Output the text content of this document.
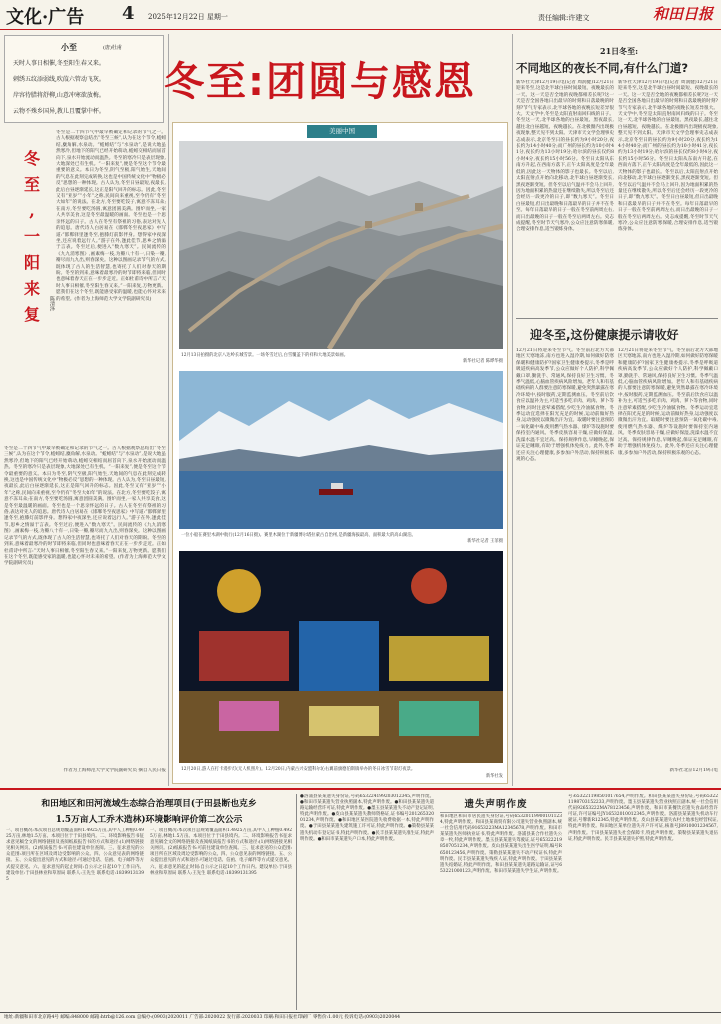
文化·广告 4 2025年12月22日 星期一	责任编辑:许建文	和田日报
小至	(唐)杜甫
天时人事日相催,冬至阳生春又来。
刺绣五纹添弱线,吹葭六管动飞灰。
岸容待腊将舒柳,山意冲寒欲放梅。
云物不殊乡国异,教儿且覆掌中杯。
冬
至
,
一
阳
来
复
陈清泽
冬至是二十四节气中最早被确定和记录的节气之一。古人根据观察总结出“冬至三候”,认为在这个节令,蚯蚓结,麋角解,水泉动。“蚯蚓结”与“水泉动”,是说大地虽然寒冷,但地下的阳气已经开始萌动,蚯蚓交相结而屈首向下,泉水开始流动而温热。冬至的寒冷只是表层现象,大地深处已有生机。“一阳来复”,便是冬至这个节令最重要的意义。本日为冬至,阴气至极,阳气始生,天地间的气息在此刻完成转换,这也是中国传统文化中“物极必反”思想的一种体现。古人认为,冬至日昼最短,夜最长,此后白昼逐渐延长,这正是阳气回升的标志。因此,冬至又有“亚岁”“小年”之称,民间向来重视,至今仍有“冬至大如年”的说法。在北方,冬至要吃饺子,寓意不冻耳朵;在南方,冬至要吃汤圆,寓意团圆美满。围炉而坐,一家人共享美食,这是冬至最温暖的画面。冬至也是一个思亲怀远的日子。古人在冬至有祭祖的习俗,表达对先人的追思。唐代诗人白居易在《邯郸冬至夜思家》中写道:“邯郸驿里逢冬至,抱膝灯前影伴身。想得家中夜深坐,还应说着远行人。”游子在外,逢此佳节,思乡之情溢于言表。冬至过后,便进入“数九寒天”。民间流传的《九九消寒图》,画素梅一枝,为瓣八十有一,日染一瓣,瓣尽而九九出,则春深矣。这种以图画记录节气的方式,既体现了古人的生活智慧,也寄托了人们对春天的期盼。冬至的到来,意味着最寒冷的时节即将来临,但同时也意味着春天正在一步步走近。正如杜甫诗中所言:“天时人事日相催,冬至阳生春又来。”一阳来复,万物更新。愿我们在这个冬至,既能感受家的温暖,也能心怀对未来的希望。(作者为上海师范大学文学院副研究员)
冬至是二十四节气中最早被确定和记录的节气之一。古人根据观察总结出“冬至三候”,认为在这个节令,蚯蚓结,麋角解,水泉动。“蚯蚓结”与“水泉动”,是说大地虽然寒冷,但地下的阳气已经开始萌动,蚯蚓交相结而屈首向下,泉水开始流动而温热。冬至的寒冷只是表层现象,大地深处已有生机。“一阳来复”,便是冬至这个节令最重要的意义。本日为冬至,阴气至极,阳气始生,天地间的气息在此刻完成转换,这也是中国传统文化中“物极必反”思想的一种体现。古人认为,冬至日昼最短,夜最长,此后白昼逐渐延长,这正是阳气回升的标志。因此,冬至又有“亚岁”“小年”之称,民间向来重视,至今仍有“冬至大如年”的说法。在北方,冬至要吃饺子,寓意不冻耳朵;在南方,冬至要吃汤圆,寓意团圆美满。围炉而坐,一家人共享美食,这是冬至最温暖的画面。冬至也是一个思亲怀远的日子。古人在冬至有祭祖的习俗,表达对先人的追思。唐代诗人白居易在《邯郸冬至夜思家》中写道:“邯郸驿里逢冬至,抱膝灯前影伴身。想得家中夜深坐,还应说着远行人。”游子在外,逢此佳节,思乡之情溢于言表。冬至过后,便进入“数九寒天”。民间流传的《九九消寒图》,画素梅一枝,为瓣八十有一,日染一瓣,瓣尽而九九出,则春深矣。这种以图画记录节气的方式,既体现了古人的生活智慧,也寄托了人们对春天的期盼。冬至的到来,意味着最寒冷的时节即将来临,但同时也意味着春天正在一步步走近。正如杜甫诗中所言:“天时人事日相催,冬至阳生春又来。”一阳来复,万物更新。愿我们在这个冬至,既能感受家的温暖,也能心怀对未来的希望。(作者为上海师范大学文学院副研究员)
作者为上海师范大学文学院副研究员 摘自人民日报
冬至:团圆与感恩
美丽中国
12月13日拍摄的北京八达岭长城雪景。一场冬雪过后,白雪覆盖下的祥和大地美景如画。
新华社记者 陈晔华摄
一位小船在赛里木湖中航行(12月16日摄)。赛里木湖位于新疆博尔塔拉蒙古自治州,是新疆海拔最高、面积最大的高山湖泊。
新华社记者 王菲摄
12月20日,游人在打卡漫步灯(无人机照片)。12月20日,内蒙古兴安盟科尔沁右翼前旗德伯斯镇举办的冬日冰雪节彩灯夜景。
新华社发
21日冬至:
不同地区的夜长不同,有什么门道?
新华社天津12月19日电(记者 周润健)12月21日迎来冬至,这是北半球白昼时间最短、夜晚最长的一天。这一天是否全地的夜晚都相差长呢?这一天是否全国各地日出最早的时刻和日落最晚的时刻?节气专家表示,北半球各地的夜晚长短差异很大。天文学中,冬至是太阳直射南回归线的日子。冬至这一天,北半球各地的白昼最短、黑夜最长,越往北白昼越短、夜晚越长。在北极圈内出现极夜现象,整天见不到太阳。天津市天文学会理事史志成表示,北京冬至日的昼长约为9小时20分,夜长约为14小时40分;而广州的昼长约为10小时41分,夜长约为13小时19分;哈尔滨的昼长仅约8小时4分,夜长约15小时56分。冬至日太阳从东南方升起,在西南方落下,正午太阳高度是全年最低的,因此这一天物体的影子也最长。冬至以后,太阳直射点开始向北移动,北半球白昼逐渐变长,黑夜逐渐变短。但冬至以后气温并不会马上回升,因为地面积累的热量还在继续散失,所以冬至后还会经历一段更冷的日子,即“数九寒天”。冬至日白昼最短,但日出最晚和日落最早的日子并不在冬至。每年日落最早的日子一般在冬至前两周左右,而日出最晚的日子一般在冬至后两周左右。史志成提醒,冬至时节天气寒冷,公众应注意防寒保暖,合理安排作息,适当锻炼身体。
新华社天津12月19日电(记者 周润健)12月21日迎来冬至,这是北半球白昼时间最短、夜晚最长的一天。这一天是否全地的夜晚都相差长呢?这一天是否全国各地日出最早的时刻和日落最晚的时刻?节气专家表示,北半球各地的夜晚长短差异很大。天文学中,冬至是太阳直射南回归线的日子。冬至这一天,北半球各地的白昼最短、黑夜最长,越往北白昼越短、夜晚越长。在北极圈内出现极夜现象,整天见不到太阳。天津市天文学会理事史志成表示,北京冬至日的昼长约为9小时20分,夜长约为14小时40分;而广州的昼长约为10小时41分,夜长约为13小时19分;哈尔滨的昼长仅约8小时4分,夜长约15小时56分。冬至日太阳从东南方升起,在西南方落下,正午太阳高度是全年最低的,因此这一天物体的影子也最长。冬至以后,太阳直射点开始向北移动,北半球白昼逐渐变长,黑夜逐渐变短。但冬至以后气温并不会马上回升,因为地面积累的热量还在继续散失,所以冬至后还会经历一段更冷的日子,即“数九寒天”。冬至日白昼最短,但日出最晚和日落最早的日子并不在冬至。每年日落最早的日子一般在冬至前两周左右,而日出最晚的日子一般在冬至后两周左右。史志成提醒,冬至时节天气寒冷,公众应注意防寒保暖,合理安排作息,适当锻炼身体。
迎冬至,这份健康提示请收好
12月21日将迎来冬至节气。冬至前后北方大部地区天寒地冻,南方也进入湿冷期,如何做好防寒保暖和健康防护?国家卫生健康委提示,冬季是呼吸道疾病高发季节,公众应做好个人防护,科学佩戴口罩,勤洗手、常通风,保持良好卫生习惯。冬季气温低,心脑血管疾病风险增加。老年人和有基础疾病的人群要注意防寒保暖,避免突然暴露在寒冷环境中,按时服药,定期监测血压。冬至前后饮食应以温补为主,可适当多吃羊肉、鸡肉、萝卜等食物,同时注意荤素搭配,少吃生冷油腻食物。冬季运动宜选择在阳光充足的时候,运动前做好热身,运动强度以微微出汗为宜。取暖时要注意预防一氧化碳中毒,使用燃气热水器、煤炉等设施时要保持室内通风。冬季皮肤容易干燥,应做好保湿,洗澡水温不宜过高。保持规律作息,早睡晚起,保证充足睡眠,有助于增强机体免疫力。此外,冬季还应关注心理健康,多参加户外活动,保持积极乐观的心态。
12月21日将迎来冬至节气。冬至前后北方大部地区天寒地冻,南方也进入湿冷期,如何做好防寒保暖和健康防护?国家卫生健康委提示,冬季是呼吸道疾病高发季节,公众应做好个人防护,科学佩戴口罩,勤洗手、常通风,保持良好卫生习惯。冬季气温低,心脑血管疾病风险增加。老年人和有基础疾病的人群要注意防寒保暖,避免突然暴露在寒冷环境中,按时服药,定期监测血压。冬至前后饮食应以温补为主,可适当多吃羊肉、鸡肉、萝卜等食物,同时注意荤素搭配,少吃生冷油腻食物。冬季运动宜选择在阳光充足的时候,运动前做好热身,运动强度以微微出汗为宜。取暖时要注意预防一氧化碳中毒,使用燃气热水器、煤炉等设施时要保持室内通风。冬季皮肤容易干燥,应做好保湿,洗澡水温不宜过高。保持规律作息,早睡晚起,保证充足睡眠,有助于增强机体免疫力。此外,冬季还应关注心理健康,多参加户外活动,保持积极乐观的心态。
新华社北京12月19日电
和田地区和田河流域生态综合治理项目(于田县断也克乡
1.5万亩人工乔木造林)环境影响评价第二次公示
一、项目概况:本次项目总规划覆盖面积1.4925万亩,其中人工种植0.4925万亩,林地1.5万亩。本项目位于于田县境内。二、环境影响报告书征求意见稿全文的网络链接及查阅纸质报告书的方式和途径:(1)网络链接见相关网页。(2)纸质报告书:可前往建设单位查阅。三、征求意见的公众范围:项目所在区域及周边受影响的公众。四、公众意见表的网络链接。五、公众提出意见的方式和途径:可通过电话、信函、电子邮件等方式提交意见。六、征求意见的起止时间:自公示之日起10个工作日内。建设单位:于田县林业和草原局 联系人:王先生 联系电话:18399131395
一、项目概况:本次项目总规划覆盖面积1.4925万亩,其中人工种植0.4925万亩,林地1.5万亩。本项目位于于田县境内。二、环境影响报告书征求意见稿全文的网络链接及查阅纸质报告书的方式和途径:(1)网络链接见相关网页。(2)纸质报告书:可前往建设单位查阅。三、征求意见的公众范围:项目所在区域及周边受影响的公众。四、公众意见表的网络链接。五、公众提出意见的方式和途径:可通过电话、信函、电子邮件等方式提交意见。六、征求意见的起止时间:自公示之日起10个工作日内。建设单位:于田县林业和草原局 联系人:王先生 联系电话:18399131395
●洛浦县某某遗失身份证,号码653224199203012345,声明作废。●和田市某某遗失营业执照副本,特此声明作废。●和田县某某遗失道路运输经营许可证,特此声明作废。●墨玉县某某遗失不动产登记证明,特此声明作废。●皮山县某某遗失教师资格证,证书编号20126532001234,声明作废。●和田地区某医院遗失收费收据一本,特此声明作废。●于田县某某遗失建筑施工许可证,特此声明作废。●策勒县某某遗失机动车登记证书,特此声明作废。●民丰县某某遗失准生证,特此声明作废。●和田市某某遗失户口本,特此声明作废。
遗失声明作废
和田地区和田市居民遗失身份证,号码653201199001011234,特此声明作废。和田县某商贸有限公司遗失营业执照副本,统一社会信用代码91653223MA12345678,声明作废。和田市某某遗失医师执业证书,特此声明作废。洛浦县某合作社遗失公章一枚,特此声明作废。墨玉县某某遗失驾驶证,证号653222198507051234,声明作废。皮山县某某遗失出生医学证明,编号R650123456,声明作废。策勒县某某遗失不动产权证书,特此声明作废。民丰县某某遗失残疾人证,特此声明作废。于田县某某遗失结婚证,特此声明作废。和田县某某遗失道路运输证,证号653221000123,声明作废。和田市某某遗失学生证,声明作废。
号:653221198501017654,声明作废。和田县某某遗失身份证,号码653221198703152233,声明作废。墨玉县某某遗失营业执照正副本,统一社会信用代码92653222MA78123456,声明作废。和田市某餐饮店遗失食品经营许可证,许可证编号JY16532010012345,声明作废。洛浦县某某遗失机动车行驶证,号牌新R12345,特此声明作废。皮山县某某遗失农村土地承包经营权证,特此声明作废。和田地区某单位遗失开户许可证,核准号J8910001234567,声明作废。于田县某某遗失社会保障卡,特此声明作废。策勒县某某遗失退伍证,特此声明作废。民丰县某某遗失护照,特此声明作废。
地址:新疆和田市北京路4号 邮编:848000 邮箱:htrb@126.com 总编办:(0903)2020011 广告部:2020022 发行部:2020033 印刷:和田日报社印刷厂 零售价:1.00元 投诉电话:(0903)2020044
